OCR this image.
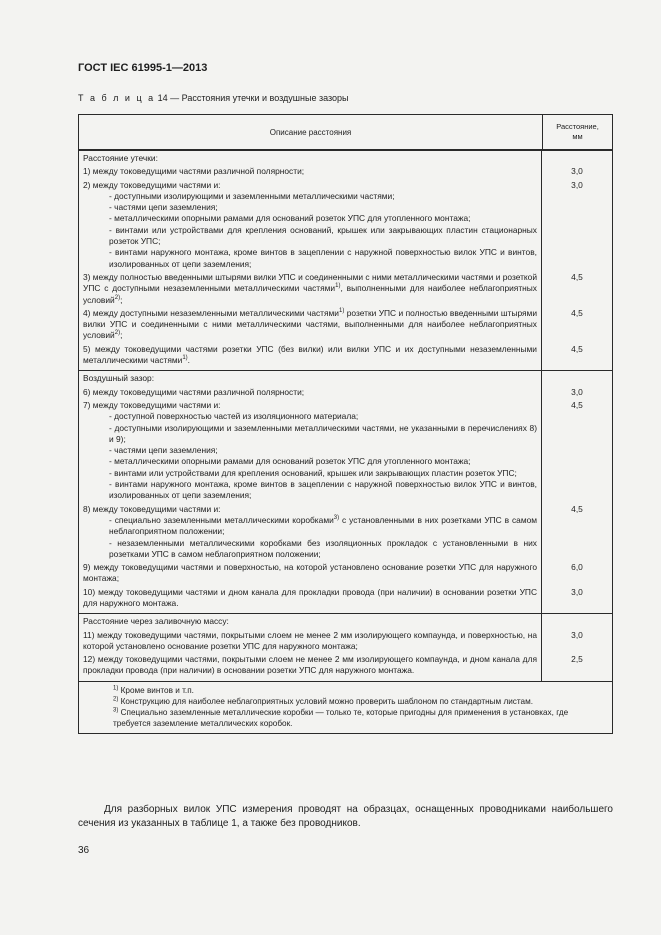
ГОСТ IEC 61995-1—2013
Т а б л и ц а 14 — Расстояния утечки и воздушные зазоры
Описание расстояния
Расстояние,
мм
Расстояние утечки:
1) между токоведущими частями различной полярности;	3,0
2) между токоведущими частями и:
- доступными изолирующими и заземленными металлическими частями;
- частями цепи заземления;
- металлическими опорными рамами для оснований розеток УПС для утопленного монтажа;
- винтами или устройствами для крепления оснований, крышек или закрывающих пластин стационарных розеток УПС;
- винтами наружного монтажа, кроме винтов в зацеплении с наружной поверхностью вилок УПС и винтов, изолированных от цепи заземления;
3,0
3) между полностью введенными штырями вилки УПС и соединенными с ними металлическими частями и розеткой УПС с доступными незаземленными металлическими частями$^{1)}$, выполненными для наиболее неблагоприятных условий$^{2)}$;
4,5
4) между доступными незаземленными металлическими частями$^{1)}$ розетки УПС и полностью введенными штырями вилки УПС и соединенными с ними металлическими частями, выполненными для наиболее неблагоприятных условий$^{2)}$;
4,5
5) между токоведущими частями розетки УПС (без вилки) или вилки УПС и их доступными незаземленными металлическими частями$^{1)}$.
4,5
Воздушный зазор:
6) между токоведущими частями различной полярности;	3,0
7) между токоведущими частями и:
- доступной поверхностью частей из изоляционного материала;
- доступными изолирующими и заземленными металлическими частями, не указанными в перечислениях 8) и 9);
- частями цепи заземления;
- металлическими опорными рамами для оснований розеток УПС для утопленного монтажа;
- винтами или устройствами для крепления оснований, крышек или закрывающих пластин розеток УПС;
- винтами наружного монтажа, кроме винтов в зацеплении с наружной поверхностью вилок УПС и винтов, изолированных от цепи заземления;
4,5
8) между токоведущими частями и:
- специально заземленными металлическими коробками$^{3)}$ с установленными в них розетками УПС в самом неблагоприятном положении;
- незаземленными металлическими коробками без изоляционных прокладок с установленными в них розетками УПС в самом неблагоприятном положении;
4,5
9) между токоведущими частями и поверхностью, на которой установлено основание розетки УПС для наружного монтажа;
6,0
10) между токоведущими частями и дном канала для прокладки провода (при наличии) в основании розетки УПС для наружного монтажа.
3,0
Расстояние через заливочную массу:
11) между токоведущими частями, покрытыми слоем не менее 2 мм изолирующего компаунда, и поверхностью, на которой установлено основание розетки УПС для наружного монтажа;
3,0
12) между токоведущими частями, покрытыми слоем не менее 2 мм изолирующего компаунда, и дном канала для прокладки провода (при наличии) в основании розетки УПС для наружного монтажа.
2,5
$^{1)}$ Кроме винтов и т.п.
$^{2)}$ Конструкцию для наиболее неблагоприятных условий можно проверить шаблоном по стандартным листам.
$^{3)}$ Специально заземленные металлические коробки — только те, которые пригодны для применения в установках, где требуется заземление металлических коробок.
Для разборных вилок УПС измерения проводят на образцах, оснащенных проводниками наибольшего сечения из указанных в таблице 1, а также без проводников.
36
